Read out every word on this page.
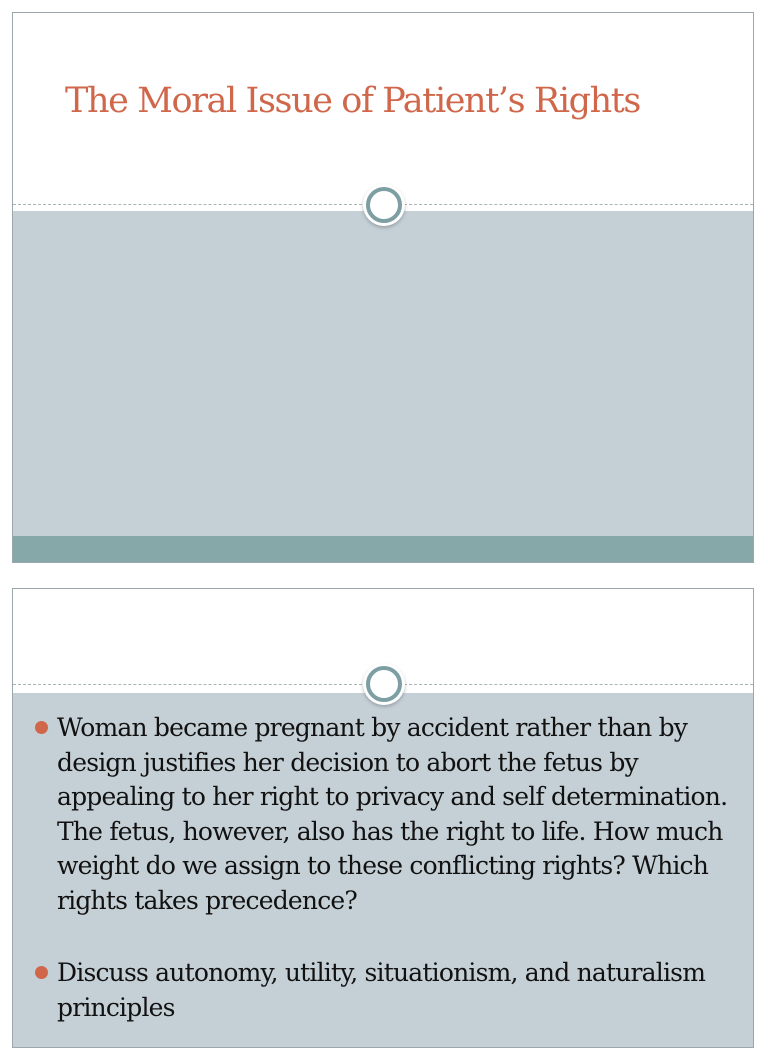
The Moral Issue of Patient’s Rights
Woman became pregnant by accident rather than by design justifies her decision tο abort the fetus by appealing to her right to privacy and self determination. The fetus, however, also has the right to life. How much weight do we assign to these conflicting rights? Which rights takes precedence?
Discuss autonomy, utility, situationism, and naturalism principles
